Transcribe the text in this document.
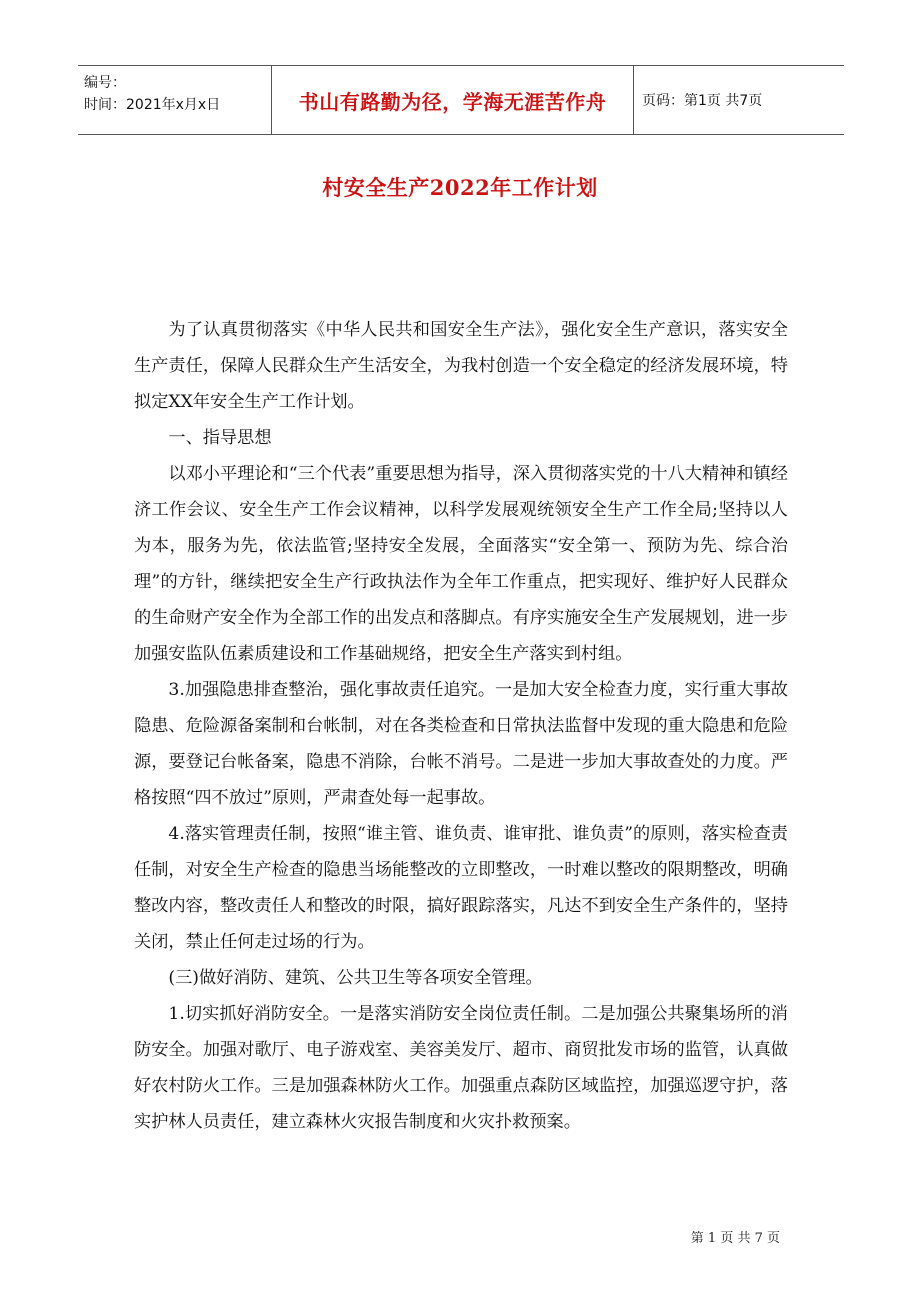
编号：
时间：2021年x月x日	书山有路勤为径，学海无涯苦作舟	页码：第1页 共7页
村安全生产2022年工作计划

为了认真贯彻落实《中华人民共和国安全生产法》，强化安全生产意识，落实安全生产责任，保障人民群众生产生活安全，为我村创造一个安全稳定的经济发展环境，特拟定XX年安全生产工作计划。

一、指导思想

以邓小平理论和“三个代表”重要思想为指导，深入贯彻落实党的十八大精神和镇经济工作会议、安全生产工作会议精神，以科学发展观统领安全生产工作全局;坚持以人为本，服务为先，依法监管;坚持安全发展，全面落实“安全第一、预防为先、综合治理”的方针，继续把安全生产行政执法作为全年工作重点，把实现好、维护好人民群众的生命财产安全作为全部工作的出发点和落脚点。有序实施安全生产发展规划，进一步加强安监队伍素质建设和工作基础规络，把安全生产落实到村组。

3.加强隐患排查整治，强化事故责任追究。一是加大安全检查力度，实行重大事故隐患、危险源备案制和台帐制，对在各类检查和日常执法监督中发现的重大隐患和危险源，要登记台帐备案，隐患不消除，台帐不消号。二是进一步加大事故查处的力度。严格按照“四不放过”原则，严肃查处每一起事故。

4.落实管理责任制，按照“谁主管、谁负责、谁审批、谁负责”的原则，落实检查责任制，对安全生产检查的隐患当场能整改的立即整改，一时难以整改的限期整改，明确整改内容，整改责任人和整改的时限，搞好跟踪落实，凡达不到安全生产条件的，坚持关闭，禁止任何走过场的行为。

(三)做好消防、建筑、公共卫生等各项安全管理。

1.切实抓好消防安全。一是落实消防安全岗位责任制。二是加强公共聚集场所的消防安全。加强对歌厅、电子游戏室、美容美发厅、超市、商贸批发市场的监管，认真做好农村防火工作。三是加强森林防火工作。加强重点森防区域监控，加强巡逻守护，落实护林人员责任，建立森林火灾报告制度和火灾扑救预案。

第 1 页 共 7 页
